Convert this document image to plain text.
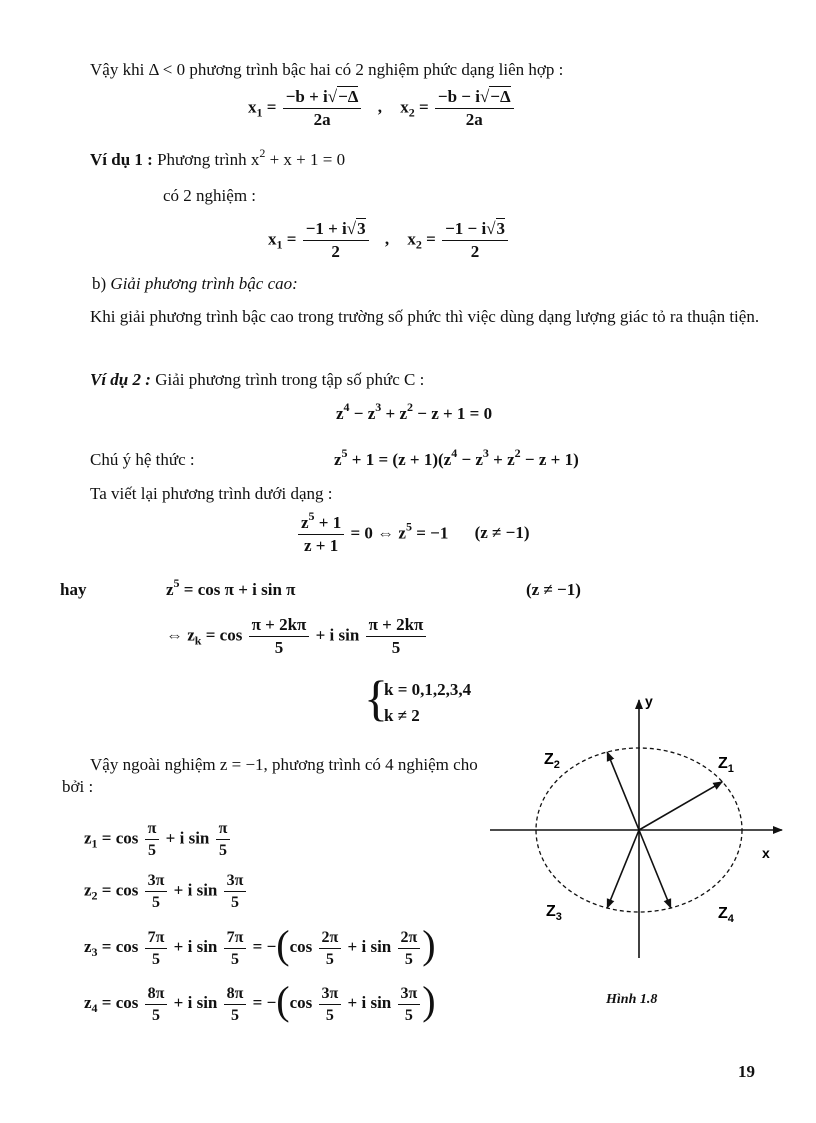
Vậy khi Δ < 0 phương trình bậc hai có 2 nghiệm phức dạng liên hợp :
$x_1 = \frac{-b + i√-\Delta}{2a}$ , $x_2 = \frac{-b - i√-\Delta}{2a}$
Ví dụ 1 : Phương trình $x^2 + x + 1 = 0$
có 2 nghiệm :
$x_1 = \frac{-1 + i√3}{2}$ , $x_2 = \frac{-1 - i√3}{2}$
b) Giải phương trình bậc cao:
Khi giải phương trình bậc cao trong trường số phức thì việc dùng dạng lượng giác tỏ ra thuận tiện.
Ví dụ 2 : Giải phương trình trong tập số phức C :
$z^4 - z^3 + z^2 - z + 1 = 0$
Chú ý hệ thức :	$z^5 + 1 = (z + 1)(z^4 - z^3 + z^2 - z + 1)$
Ta viết lại phương trình dưới dạng :
$\frac{z^5 + 1}{z + 1} = 0$ ⇔ $z^5 = -1$ (z ≠ −1)
hay	$z^5 = \cos \pi + i$ sin π	(z ≠ −1)
⇔ $z_k = \cos \frac{\pi + 2k\pi}{5} + i$ $\sin \frac{\pi + 2k\pi}{5}$
{
k = 0,1,2,3,4
k ≠ 2
Vậy ngoài nghiệm z = −1, phương trình có 4 nghiệm cho bởi :
$z_1 = \cos \frac{\pi}{5} + i$ $\sin \frac{\pi}{5}$
$z_2 = \cos \frac{3\pi}{5} + i$ $\sin \frac{3\pi}{5}$
$z_3 = \cos \frac{7\pi}{5} + i$ $\sin \frac{7\pi}{5} = -(\cos \frac{2\pi}{5} + i$ $\sin \frac{2\pi}{5}$ )
$z_4 = \cos \frac{8\pi}{5} + i$ $\sin \frac{8\pi}{5} = -(\cos \frac{3\pi}{5} + i$ $\sin \frac{3\pi}{5}$ )
y
x
$Z_1$
$Z_2$
$Z_3$	$Z_4$
Hình 1.8
19
